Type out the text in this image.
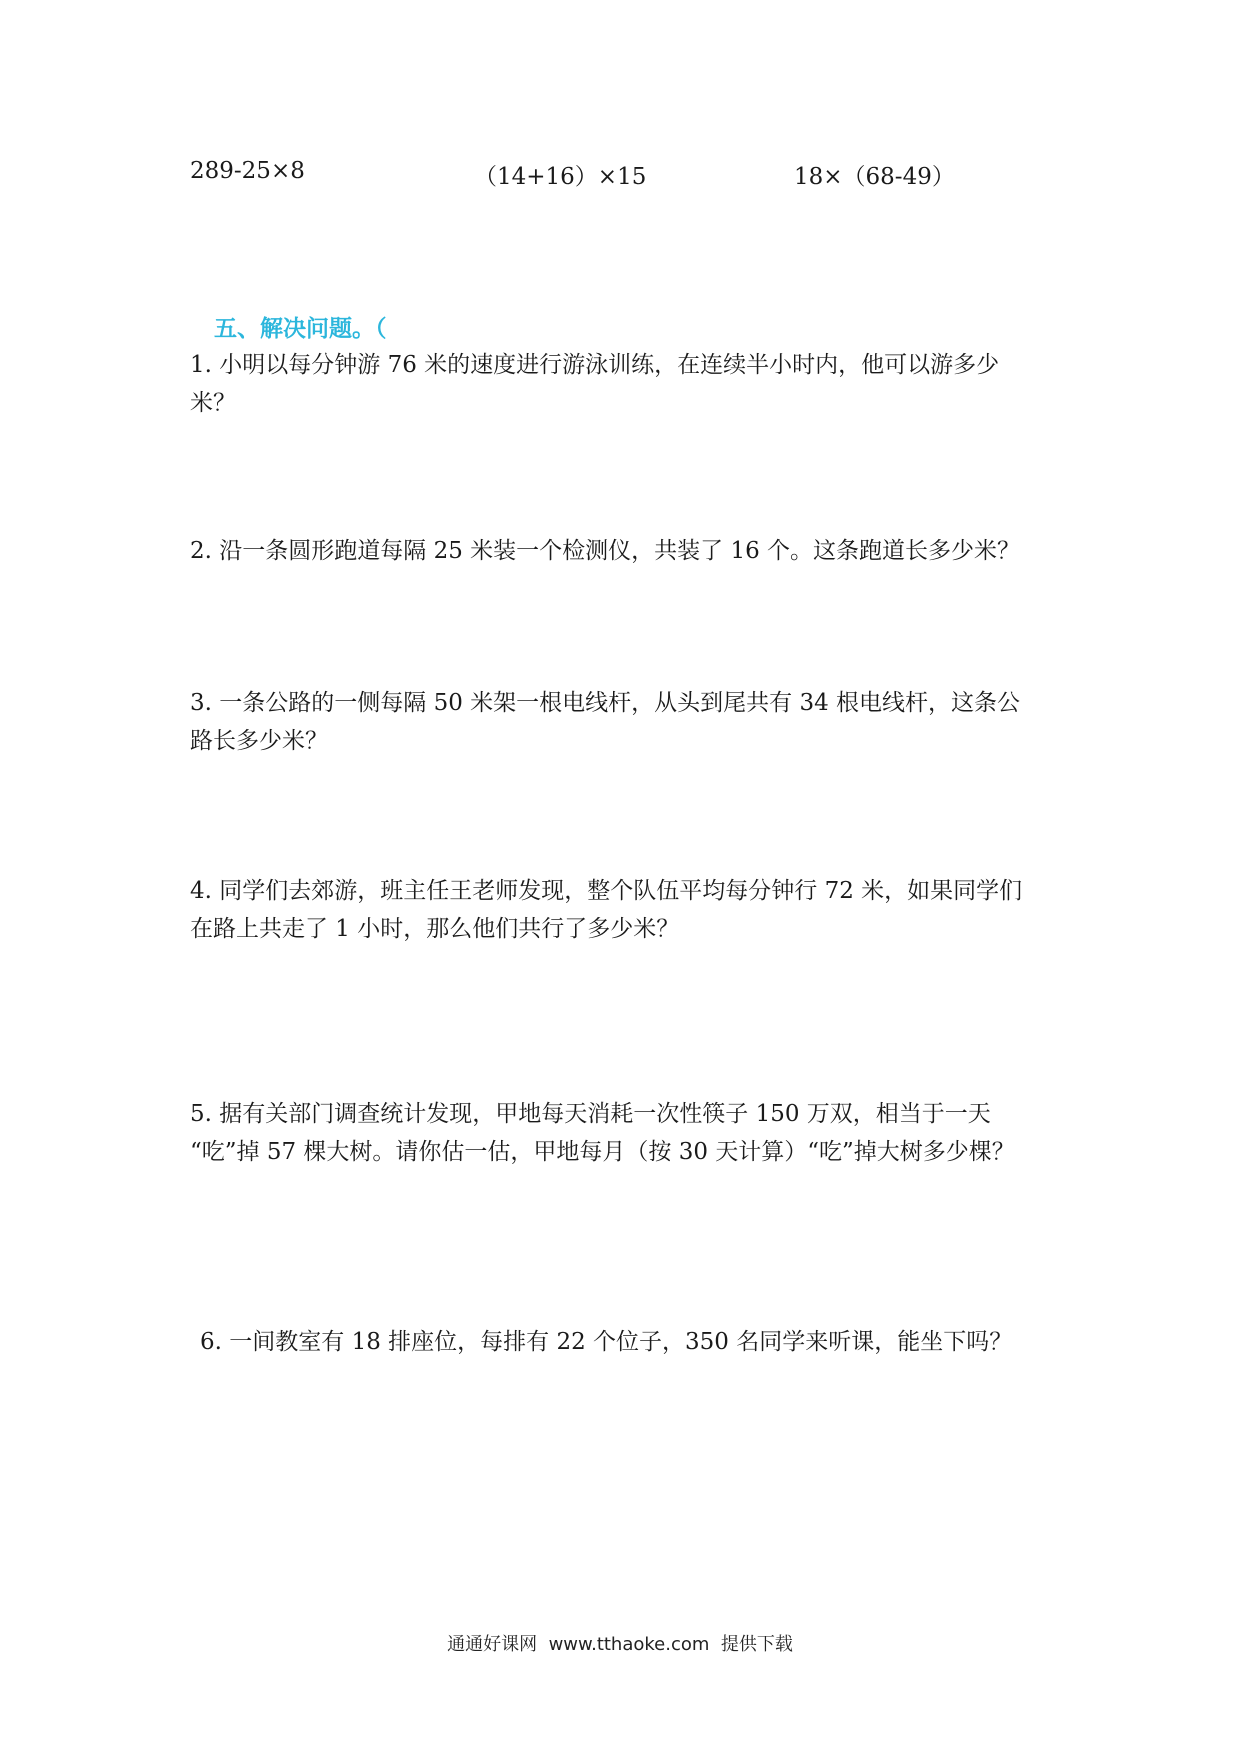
289-25×8	（14+16）×15	18×（68-49）
五、解决问题。（
1. 小明以每分钟游 76 米的速度进行游泳训练，在连续半小时内，他可以游多少
米？
2. 沿一条圆形跑道每隔 25 米装一个检测仪，共装了 16 个。这条跑道长多少米？
3. 一条公路的一侧每隔 50 米架一根电线杆，从头到尾共有 34 根电线杆，这条公
路长多少米？
4. 同学们去郊游，班主任王老师发现，整个队伍平均每分钟行 72 米，如果同学们
在路上共走了 1 小时，那么他们共行了多少米？
5. 据有关部门调查统计发现，甲地每天消耗一次性筷子 150 万双，相当于一天
“吃”掉 57 棵大树。请你估一估，甲地每月（按 30 天计算）“吃”掉大树多少棵？
6. 一间教室有 18 排座位，每排有 22 个位子，350 名同学来听课，能坐下吗？
通通好课网  www.tthaoke.com  提供下载
